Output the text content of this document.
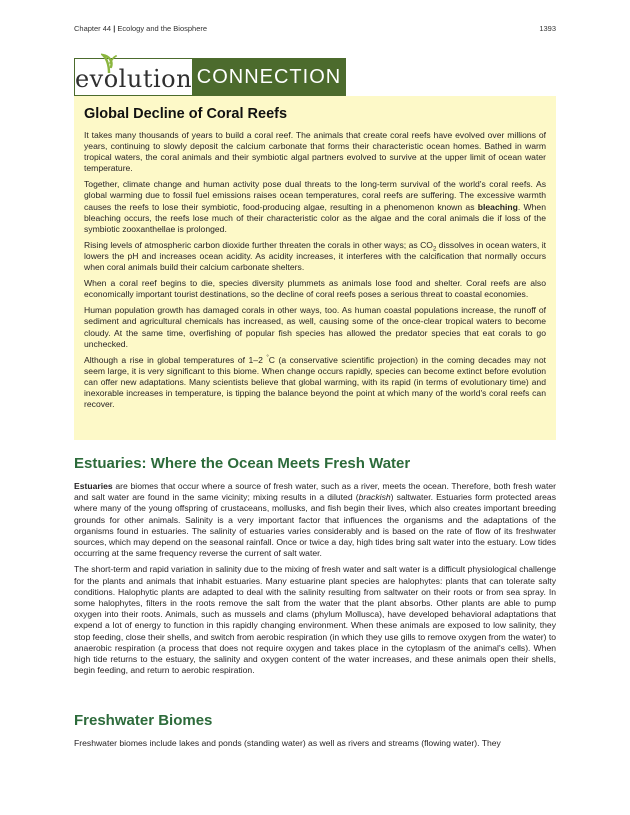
Chapter 44 | Ecology and the Biosphere	1393
evolution CONNECTION
Global Decline of Coral Reefs

It takes many thousands of years to build a coral reef. The animals that create coral reefs have evolved over millions of years, continuing to slowly deposit the calcium carbonate that forms their characteristic ocean homes. Bathed in warm tropical waters, the coral animals and their symbiotic algal partners evolved to survive at the upper limit of ocean water temperature.

Together, climate change and human activity pose dual threats to the long-term survival of the world's coral reefs. As global warming due to fossil fuel emissions raises ocean temperatures, coral reefs are suffering. The excessive warmth causes the reefs to lose their symbiotic, food-producing algae, resulting in a phenomenon known as bleaching. When bleaching occurs, the reefs lose much of their characteristic color as the algae and the coral animals die if loss of the symbiotic zooxanthellae is prolonged.

Rising levels of atmospheric carbon dioxide further threaten the corals in other ways; as $CO_2$ dissolves in ocean waters, it lowers the pH and increases ocean acidity. As acidity increases, it interferes with the calcification that normally occurs when coral animals build their calcium carbonate shelters.

When a coral reef begins to die, species diversity plummets as animals lose food and shelter. Coral reefs are also economically important tourist destinations, so the decline of coral reefs poses a serious threat to coastal economies.

Human population growth has damaged corals in other ways, too. As human coastal populations increase, the runoff of sediment and agricultural chemicals has increased, as well, causing some of the once-clear tropical waters to become cloudy. At the same time, overfishing of popular fish species has allowed the predator species that eat corals to go unchecked.

Although a rise in global temperatures of 1–2 °C (a conservative scientific projection) in the coming decades may not seem large, it is very significant to this biome. When change occurs rapidly, species can become extinct before evolution can offer new adaptations. Many scientists believe that global warming, with its rapid (in terms of evolutionary time) and inexorable increases in temperature, is tipping the balance beyond the point at which many of the world's coral reefs can recover.

Estuaries: Where the Ocean Meets Fresh Water

Estuaries are biomes that occur where a source of fresh water, such as a river, meets the ocean. Therefore, both fresh water and salt water are found in the same vicinity; mixing results in a diluted (brackish) saltwater. Estuaries form protected areas where many of the young offspring of crustaceans, mollusks, and fish begin their lives, which also creates important breeding grounds for other animals. Salinity is a very important factor that influences the organisms and the adaptations of the organisms found in estuaries. The salinity of estuaries varies considerably and is based on the rate of flow of its freshwater sources, which may depend on the seasonal rainfall. Once or twice a day, high tides bring salt water into the estuary. Low tides occurring at the same frequency reverse the current of salt water.

The short-term and rapid variation in salinity due to the mixing of fresh water and salt water is a difficult physiological challenge for the plants and animals that inhabit estuaries. Many estuarine plant species are halophytes: plants that can tolerate salty conditions. Halophytic plants are adapted to deal with the salinity resulting from saltwater on their roots or from sea spray. In some halophytes, filters in the roots remove the salt from the water that the plant absorbs. Other plants are able to pump oxygen into their roots. Animals, such as mussels and clams (phylum Mollusca), have developed behavioral adaptations that expend a lot of energy to function in this rapidly changing environment. When these animals are exposed to low salinity, they stop feeding, close their shells, and switch from aerobic respiration (in which they use gills to remove oxygen from the water) to anaerobic respiration (a process that does not require oxygen and takes place in the cytoplasm of the animal's cells). When high tide returns to the estuary, the salinity and oxygen content of the water increases, and these animals open their shells, begin feeding, and return to aerobic respiration.

Freshwater Biomes

Freshwater biomes include lakes and ponds (standing water) as well as rivers and streams (flowing water). They
